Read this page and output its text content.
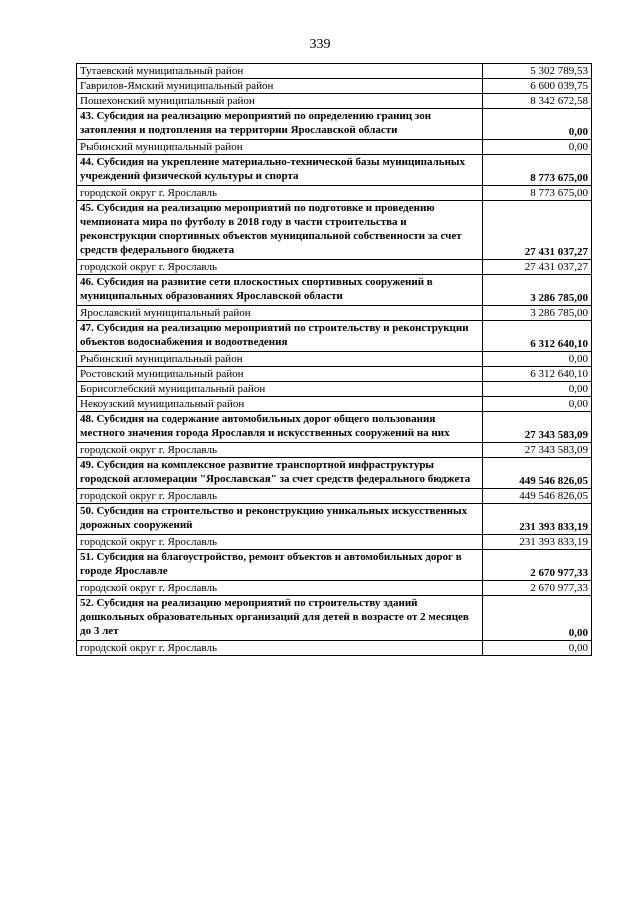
339
Тутаевский муниципальный район	5 302 789,53
Гаврилов-Ямский муниципальный район	6 600 039,75
Пошехонский муниципальный район	8 342 672,58
43. Субсидия на реализацию мероприятий по определению границ зон затопления и подтопления на территории Ярославской области	0,00
Рыбинский муниципальный район	0,00
44. Субсидия на укрепление материально-технической базы муниципальных учреждений физической культуры и спорта	8 773 675,00
городской округ г. Ярославль	8 773 675,00
45. Субсидия на реализацию мероприятий по подготовке и проведению чемпионата мира по футболу в 2018 году в части строительства и реконструкции спортивных объектов муниципальной собственности за счет средств федерального бюджета	27 431 037,27
городской округ г. Ярославль	27 431 037,27
46. Субсидия на развитие сети плоскостных спортивных сооружений в муниципальных образованиях Ярославской области	3 286 785,00
Ярославский муниципальный район	3 286 785,00
47. Субсидия на реализацию мероприятий по строительству и реконструкции объектов водоснабжения и водоотведения	6 312 640,10
Рыбинский муниципальный район	0,00
Ростовский муниципальный район	6 312 640,10
Борисоглебский муниципальный район	0,00
Некоузский муниципальный район	0,00
48. Субсидия на содержание автомобильных дорог общего пользования местного значения города Ярославля и искусственных сооружений на них	27 343 583,09
городской округ г. Ярославль	27 343 583,09
49. Субсидия на комплексное развитие транспортной инфраструктуры городской агломерации "Ярославская" за счет средств федерального бюджета	449 546 826,05
городской округ г. Ярославль	449 546 826,05
50. Субсидия на строительство и реконструкцию уникальных искусственных дорожных сооружений	231 393 833,19
городской округ г. Ярославль	231 393 833,19
51. Субсидия на благоустройство, ремонт объектов и автомобильных дорог в городе Ярославле	2 670 977,33
городской округ г. Ярославль	2 670 977,33
52. Субсидия на реализацию мероприятий по строительству зданий дошкольных образовательных организаций для детей в возрасте от 2 месяцев до 3 лет	0,00
городской округ г. Ярославль	0,00
